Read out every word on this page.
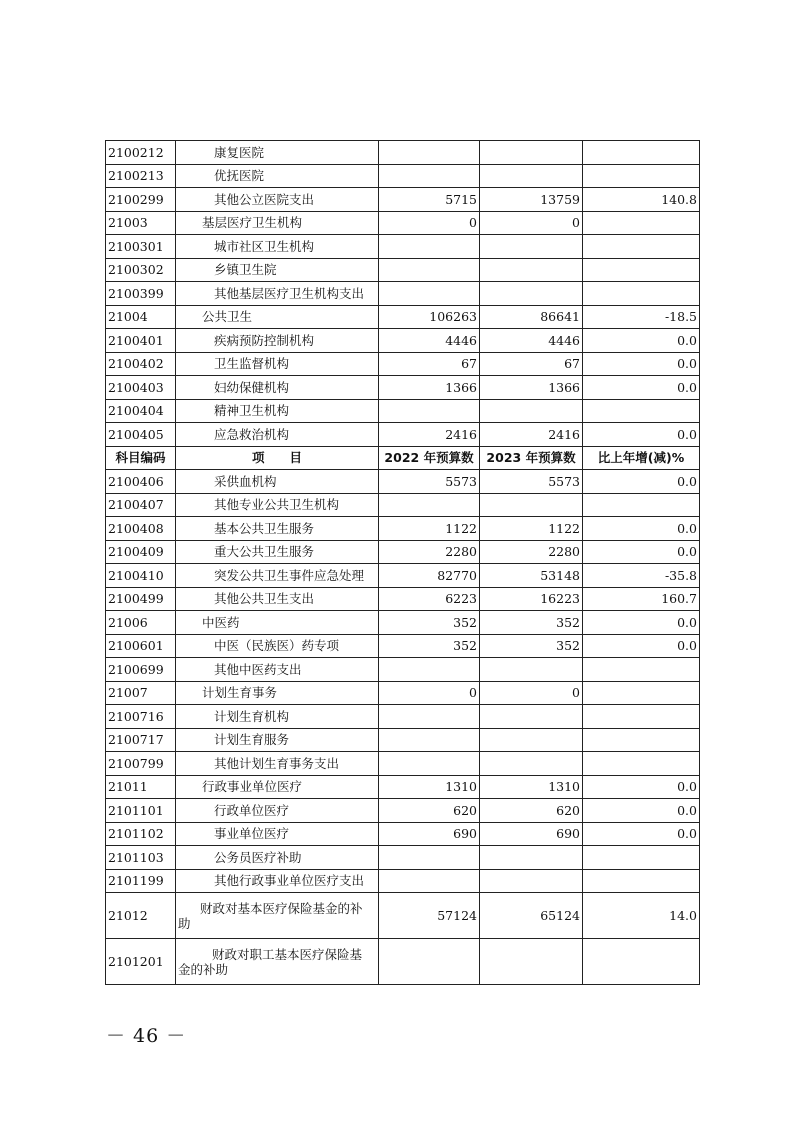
2100212	康复医院			
2100213	优抚医院			
2100299	其他公立医院支出	5715	13759	140.8
21003	基层医疗卫生机构	0	0	
2100301	城市社区卫生机构			
2100302	乡镇卫生院			
2100399	其他基层医疗卫生机构支出			
21004	公共卫生	106263	86641	-18.5
2100401	疾病预防控制机构	4446	4446	0.0
2100402	卫生监督机构	67	67	0.0
2100403	妇幼保健机构	1366	1366	0.0
2100404	精神卫生机构			
2100405	应急救治机构	2416	2416	0.0
科目编码	项　　目	2022 年预算数	2023 年预算数	比上年增(减)%
2100406	采供血机构	5573	5573	0.0
2100407	其他专业公共卫生机构			
2100408	基本公共卫生服务	1122	1122	0.0
2100409	重大公共卫生服务	2280	2280	0.0
2100410	突发公共卫生事件应急处理	82770	53148	-35.8
2100499	其他公共卫生支出	6223	16223	160.7
21006	中医药	352	352	0.0
2100601	中医（民族医）药专项	352	352	0.0
2100699	其他中医药支出			
21007	计划生育事务	0	0	
2100716	计划生育机构			
2100717	计划生育服务			
2100799	其他计划生育事务支出			
21011	行政事业单位医疗	1310	1310	0.0
2101101	行政单位医疗	620	620	0.0
2101102	事业单位医疗	690	690	0.0
2101103	公务员医疗补助			
2101199	其他行政事业单位医疗支出			
21012	财政对基本医疗保险基金的补助	57124	65124	14.0
2101201	财政对职工基本医疗保险基金的补助			
－ 46 －
